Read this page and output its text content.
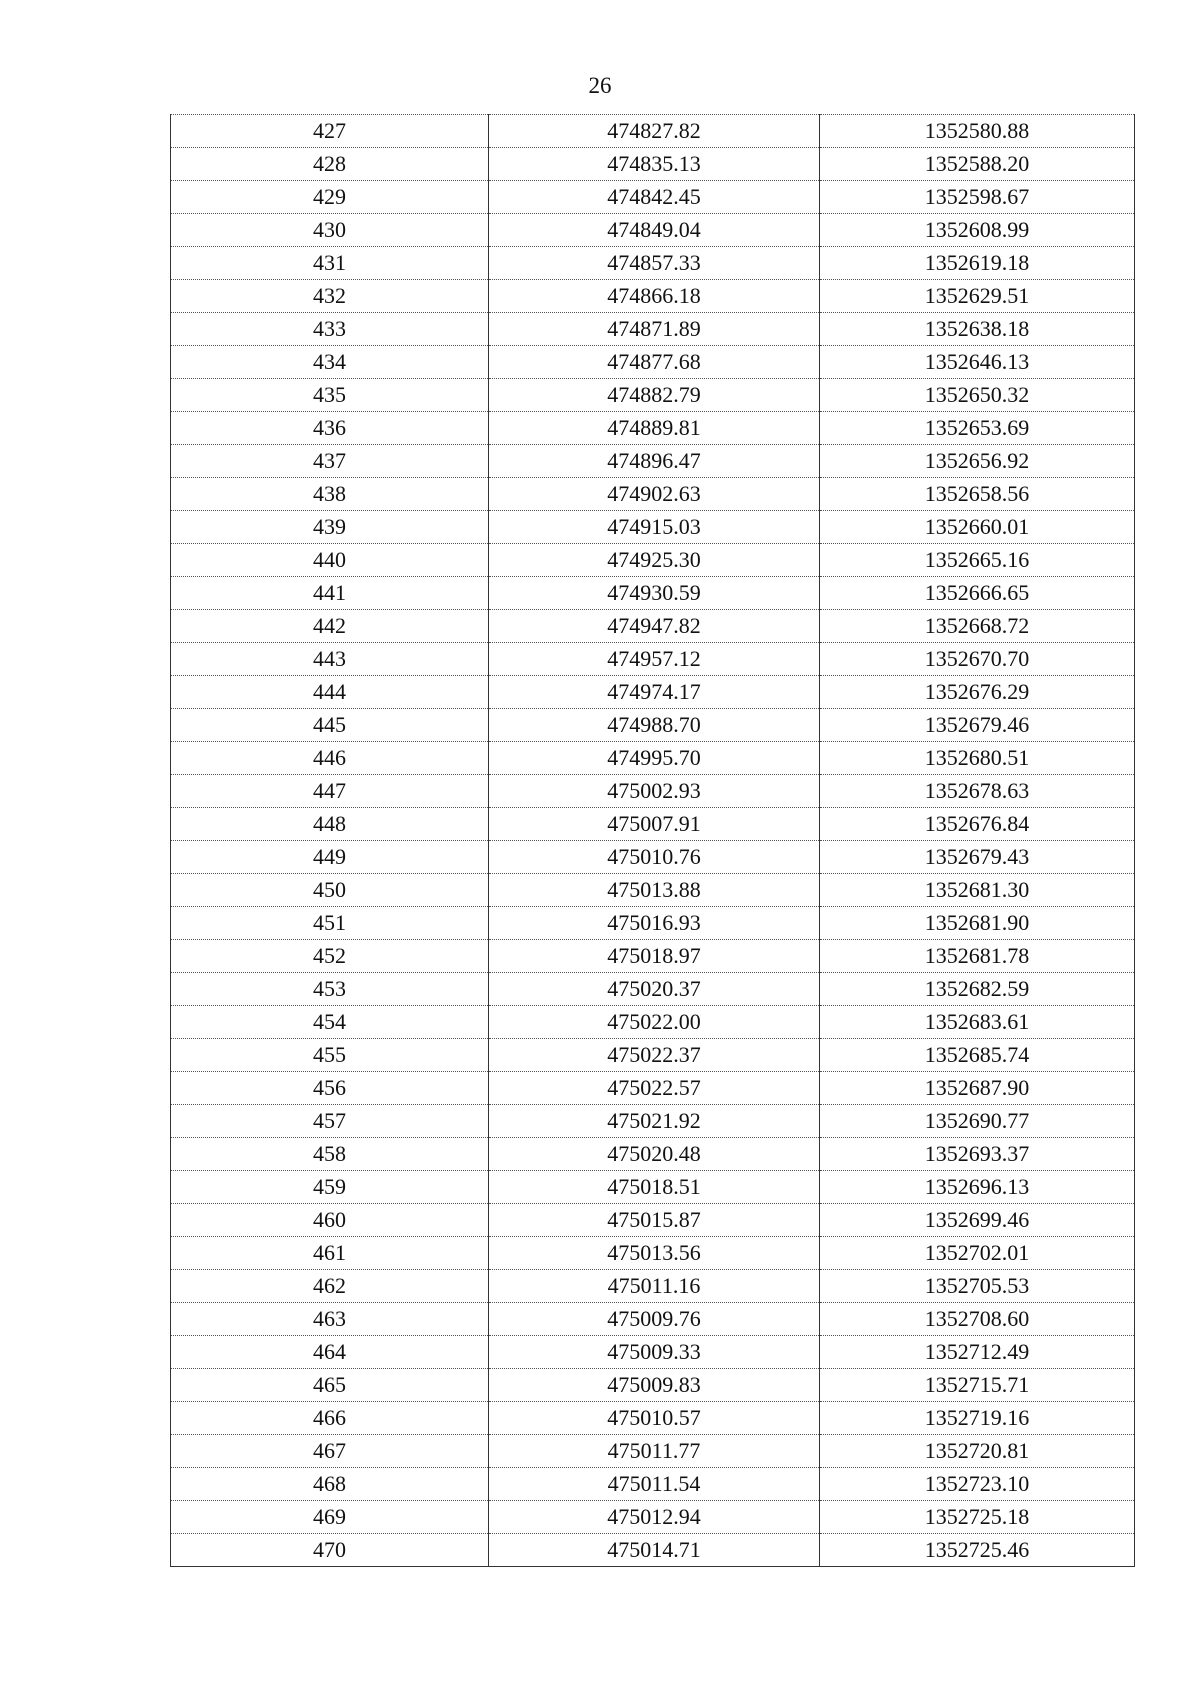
26
427	474827.82	1352580.88
428	474835.13	1352588.20
429	474842.45	1352598.67
430	474849.04	1352608.99
431	474857.33	1352619.18
432	474866.18	1352629.51
433	474871.89	1352638.18
434	474877.68	1352646.13
435	474882.79	1352650.32
436	474889.81	1352653.69
437	474896.47	1352656.92
438	474902.63	1352658.56
439	474915.03	1352660.01
440	474925.30	1352665.16
441	474930.59	1352666.65
442	474947.82	1352668.72
443	474957.12	1352670.70
444	474974.17	1352676.29
445	474988.70	1352679.46
446	474995.70	1352680.51
447	475002.93	1352678.63
448	475007.91	1352676.84
449	475010.76	1352679.43
450	475013.88	1352681.30
451	475016.93	1352681.90
452	475018.97	1352681.78
453	475020.37	1352682.59
454	475022.00	1352683.61
455	475022.37	1352685.74
456	475022.57	1352687.90
457	475021.92	1352690.77
458	475020.48	1352693.37
459	475018.51	1352696.13
460	475015.87	1352699.46
461	475013.56	1352702.01
462	475011.16	1352705.53
463	475009.76	1352708.60
464	475009.33	1352712.49
465	475009.83	1352715.71
466	475010.57	1352719.16
467	475011.77	1352720.81
468	475011.54	1352723.10
469	475012.94	1352725.18
470	475014.71	1352725.46
